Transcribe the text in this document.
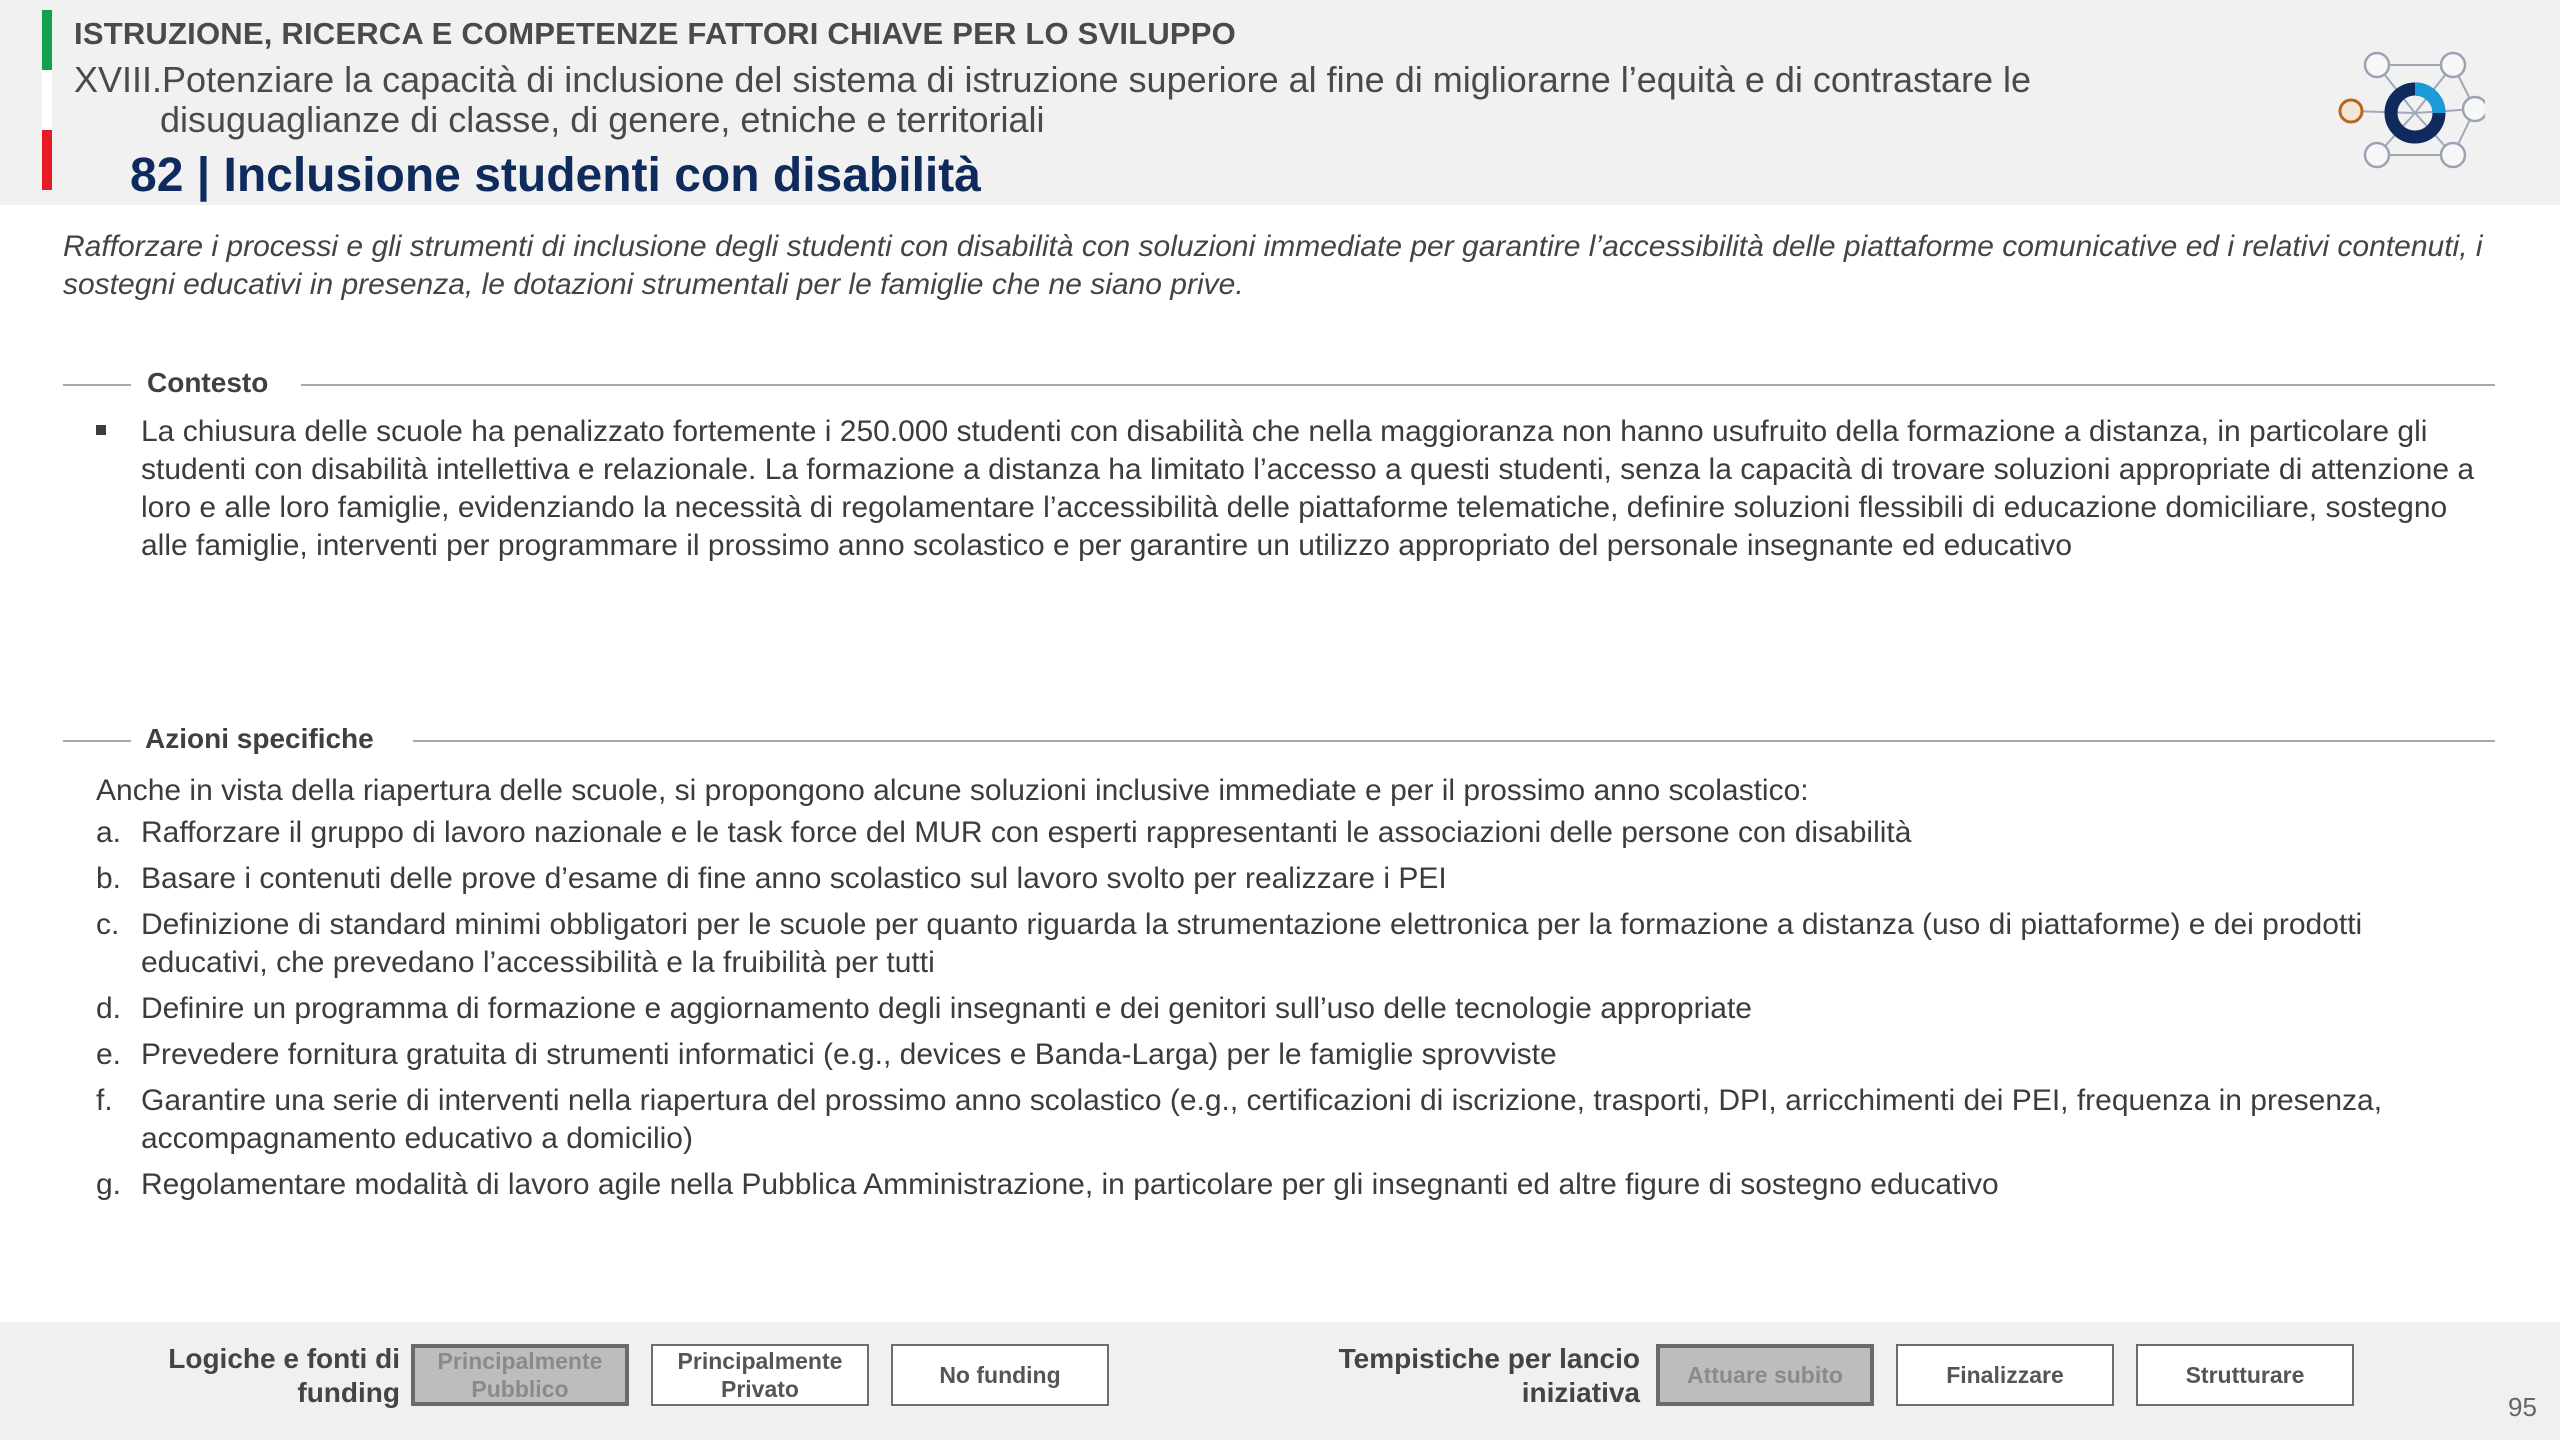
ISTRUZIONE, RICERCA E COMPETENZE FATTORI CHIAVE PER LO SVILUPPO
XVIII.Potenziare la capacità di inclusione del sistema di istruzione superiore al fine di migliorarne l’equità e di contrastare le
disuguaglianze di classe, di genere, etniche e territoriali
82 | Inclusione studenti con disabilità
Rafforzare i processi e gli strumenti di inclusione degli studenti con disabilità con soluzioni immediate per garantire l’accessibilità delle piattaforme comunicative ed i relativi contenuti, i sostegni educativi in presenza, le dotazioni strumentali per le famiglie che ne siano prive.
Contesto
La chiusura delle scuole ha penalizzato fortemente i 250.000 studenti con disabilità che nella maggioranza non hanno usufruito della formazione a distanza, in particolare gli studenti con disabilità intellettiva e relazionale. La formazione a distanza ha limitato l’accesso a questi studenti, senza la capacità di trovare soluzioni appropriate di attenzione a loro e alle loro famiglie, evidenziando la necessità di regolamentare l’accessibilità delle piattaforme telematiche, definire soluzioni flessibili di educazione domiciliare, sostegno alle famiglie, interventi per programmare il prossimo anno scolastico e per garantire un utilizzo appropriato del personale insegnante ed educativo
Azioni specifiche
Anche in vista della riapertura delle scuole, si propongono alcune soluzioni inclusive immediate e per il prossimo anno scolastico:
a. Rafforzare il gruppo di lavoro nazionale e le task force del MUR con esperti rappresentanti le associazioni delle persone con disabilità
b. Basare i contenuti delle prove d’esame di fine anno scolastico sul lavoro svolto per realizzare i PEI
c. Definizione di standard minimi obbligatori per le scuole per quanto riguarda la strumentazione elettronica per la formazione a distanza (uso di piattaforme) e dei prodotti educativi, che prevedano l’accessibilità e la fruibilità per tutti
d. Definire un programma di formazione e aggiornamento degli insegnanti e dei genitori sull’uso delle tecnologie appropriate
e. Prevedere fornitura gratuita di strumenti informatici (e.g., devices e Banda-Larga) per le famiglie sprovviste
f. Garantire una serie di interventi nella riapertura del prossimo anno scolastico (e.g., certificazioni di iscrizione, trasporti, DPI, arricchimenti dei PEI, frequenza in presenza, accompagnamento educativo a domicilio)
g. Regolamentare modalità di lavoro agile nella Pubblica Amministrazione, in particolare per gli insegnanti ed altre figure di sostegno educativo
Logiche e fonti di
funding
Principalmente
Pubblico
Principalmente
Privato
No funding
Tempistiche per lancio
iniziativa
Attuare subito	Finalizzare	Strutturare
95
